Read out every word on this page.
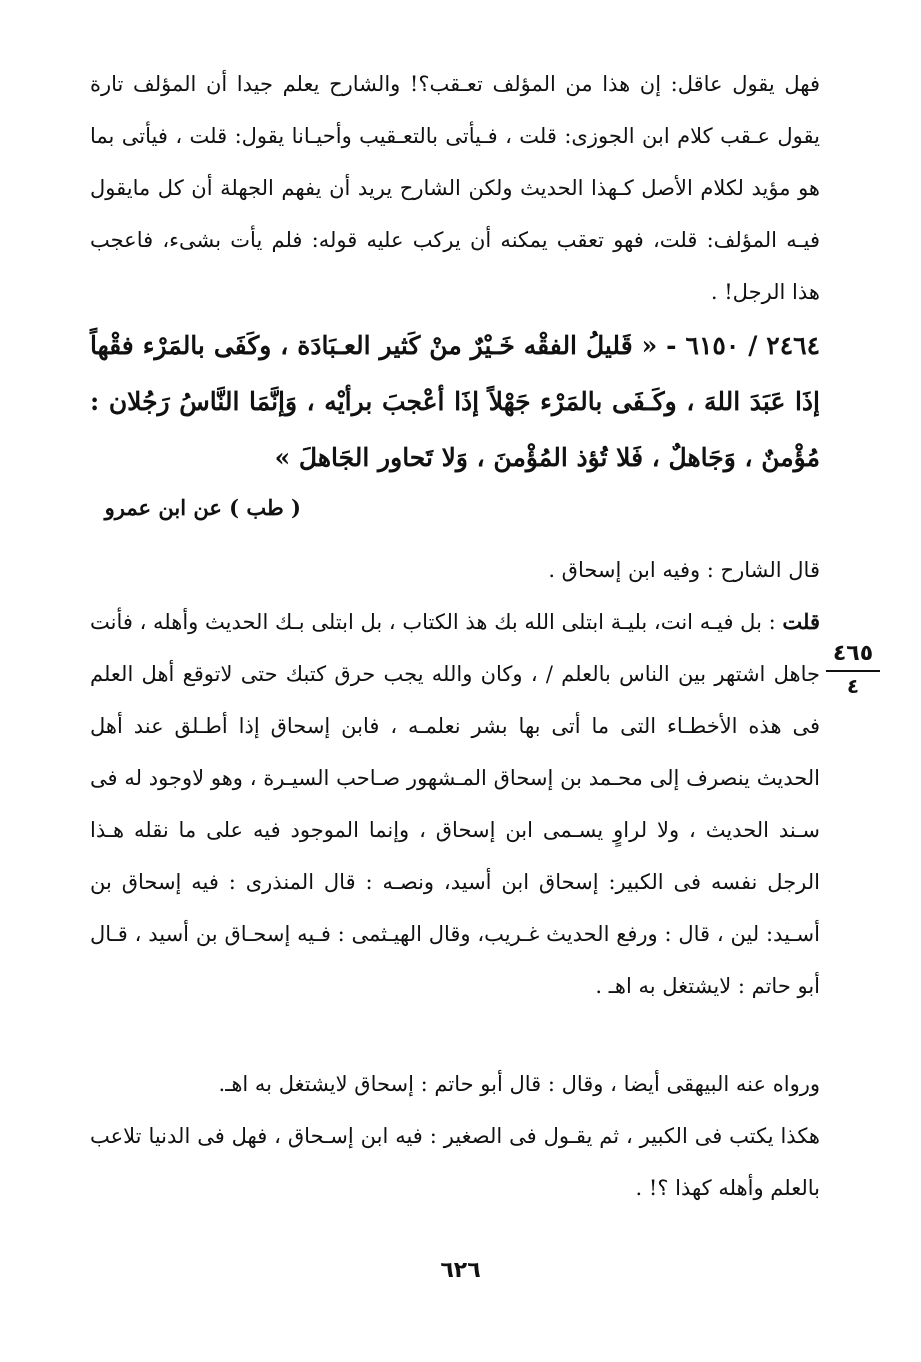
فهل يقول عاقل: إن هذا من المؤلف تعـقب؟! والشارح يعلم جيدا أن المؤلف تارة يقول عـقب كلام ابن الجوزى: قلت ، فـيأتى بالتعـقيب وأحيـانا يقول: قلت ، فيأتى بما هو مؤيد لكلام الأصل كـهذا الحديث ولكن الشارح يريد أن يفهم الجهلة أن كل مايقول فيـه المؤلف: قلت، فهو تعقب يمكنه أن يركب عليه قوله: فلم يأت بشىء، فاعجب هذا الرجل! .

٢٤٦٤ / ٦١٥٠ - « قَليلُ الفقْه خَـيْرٌ منْ كَثير العـبَادَة ، وكَفَى بالمَرْء فقْهاً إذَا عَبَدَ اللهَ ، وكَـفَى بالمَرْء جَهْلاً إذَا أعْجبَ برأيْه ، وَإنَّمَا النَّاسُ رَجُلان : مُؤْمنٌ ، وَجَاهلٌ ، فَلا تُؤذ المُؤْمنَ ، وَلا تَحاور الجَاهلَ »

( طب ) عن ابن عمرو

قال الشارح : وفيه ابن إسحاق .

قلت : بل فيـه انت، بليـة ابتلى الله بك هذ الكتاب ، بل ابتلى بـك الحديث وأهله ، فأنت جاهل اشتهر بين الناس بالعلم / ، وكان والله يجب حرق كتبك حتى لاتوقع أهل العلم فى هذه الأخطـاء التى ما أتى بها بشر نعلمـه ، فابن إسحاق إذا أطـلق عند أهل الحديث ينصرف إلى محـمد بن إسحاق المـشهور صـاحب السيـرة ، وهو لاوجود له فى سـند الحديث ، ولا لراوٍ يسـمى ابن إسحاق ، وإنما الموجود فيه على ما نقله هـذا الرجل نفسه فى الكبير: إسحاق ابن أسيد، ونصـه : قال المنذرى : فيه إسحاق بن أسـيد: لين ، قال : ورفع الحديث غـريب، وقال الهيـثمى : فـيه إسحـاق بن أسيد ، قـال أبو حاتم : لايشتغل به اهـ .

ورواه عنه البيهقى أيضا ، وقال : قال أبو حاتم : إسحاق لايشتغل به اهـ.

هكذا يكتب فى الكبير ، ثم يقـول فى الصغير : فيه ابن إسـحاق ، فهل فى الدنيا تلاعب بالعلم وأهله كهذا ؟! .

٤٦٥
٤
٦٢٦
